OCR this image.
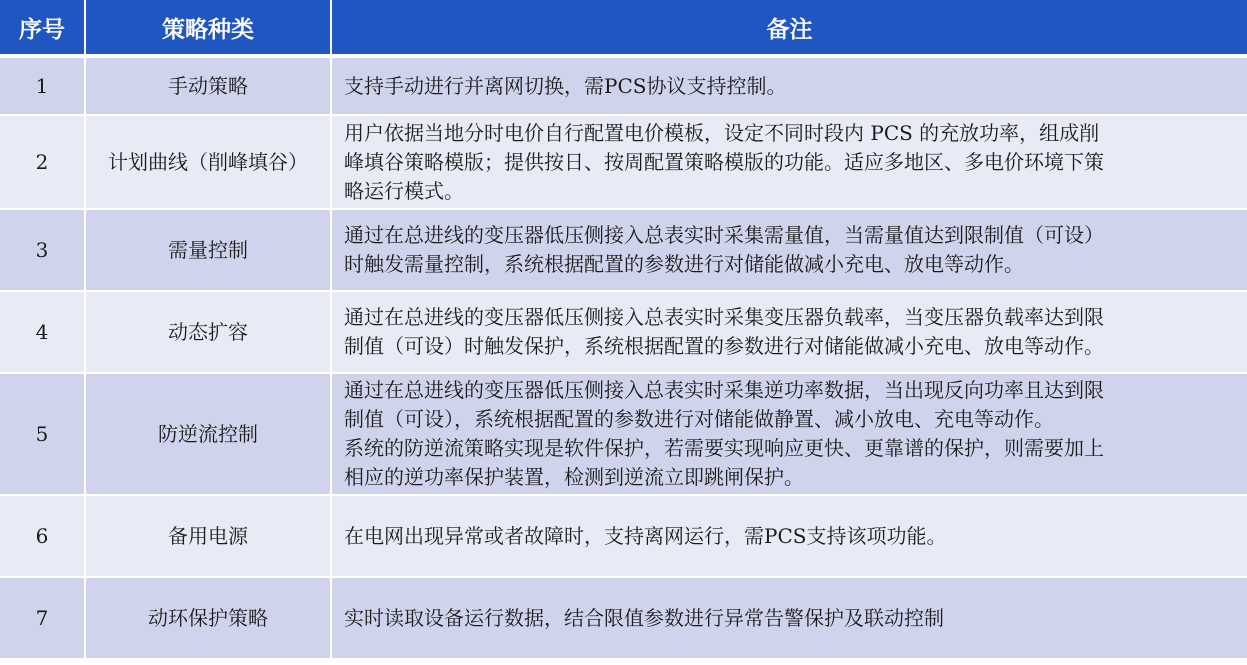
序号	策略种类	备注
1	手动策略	支持手动进行并离网切换，需PCS协议支持控制。

2	计划曲线（削峰填谷）	用户依据当地分时电价自行配置电价模板，设定不同时段内 PCS 的充放功率，组成削
峰填谷策略模版；提供按日、按周配置策略模版的功能。适应多地区、多电价环境下策
略运行模式。

3	需量控制	通过在总进线的变压器低压侧接入总表实时采集需量值，当需量值达到限制值（可设）
时触发需量控制，系统根据配置的参数进行对储能做减小充电、放电等动作。

4	动态扩容	通过在总进线的变压器低压侧接入总表实时采集变压器负载率，当变压器负载率达到限
制值（可设）时触发保护，系统根据配置的参数进行对储能做减小充电、放电等动作。

5	防逆流控制	通过在总进线的变压器低压侧接入总表实时采集逆功率数据，当出现反向功率且达到限
制值（可设），系统根据配置的参数进行对储能做静置、减小放电、充电等动作。
系统的防逆流策略实现是软件保护，若需要实现响应更快、更靠谱的保护，则需要加上
相应的逆功率保护装置，检测到逆流立即跳闸保护。

6	备用电源	在电网出现异常或者故障时，支持离网运行，需PCS支持该项功能。

7	动环保护策略	实时读取设备运行数据，结合限值参数进行异常告警保护及联动控制
